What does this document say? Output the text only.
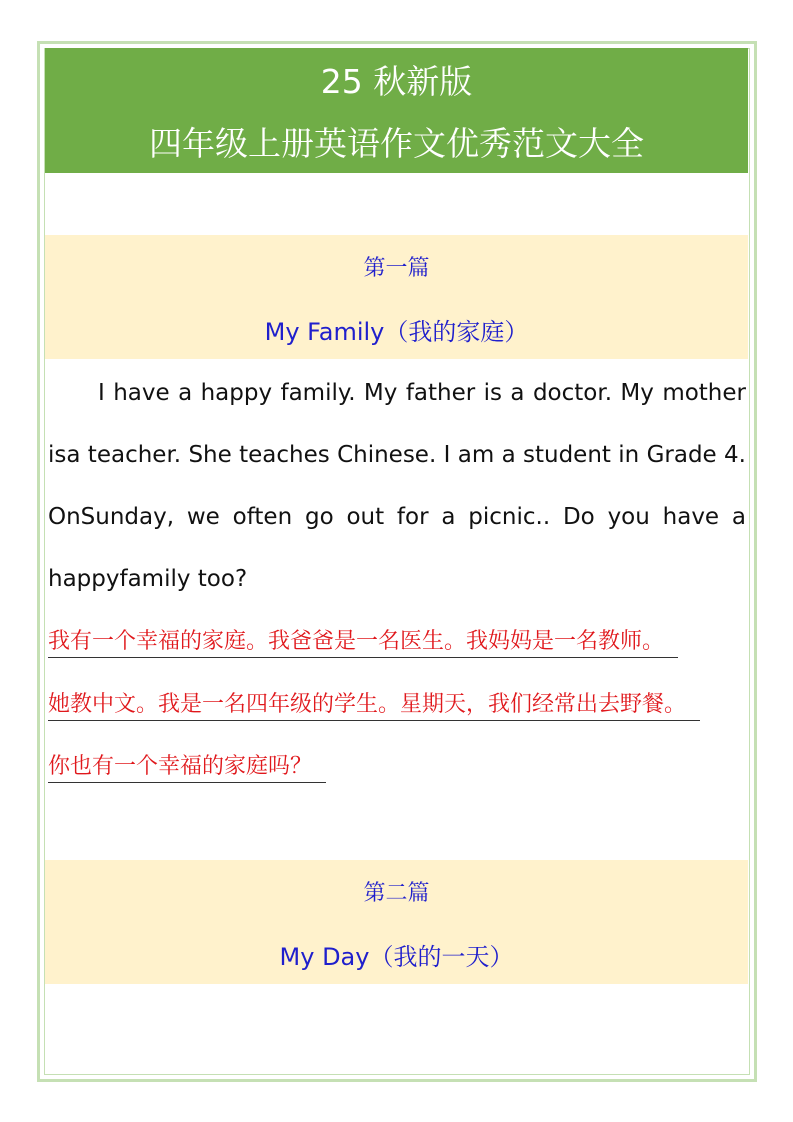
25 秋新版
四年级上册英语作文优秀范文大全
第一篇
My Family（我的家庭）
I have a happy family. My father is a doctor. My mother isa teacher. She teaches Chinese. I am a student in Grade 4. OnSunday, we often go out for a picnic.. Do you have a happyfamily too?
我有一个幸福的家庭。我爸爸是一名医生。我妈妈是一名教师。
她教中文。我是一名四年级的学生。星期天，我们经常出去野餐。
你也有一个幸福的家庭吗？
第二篇
My Day（我的一天）
